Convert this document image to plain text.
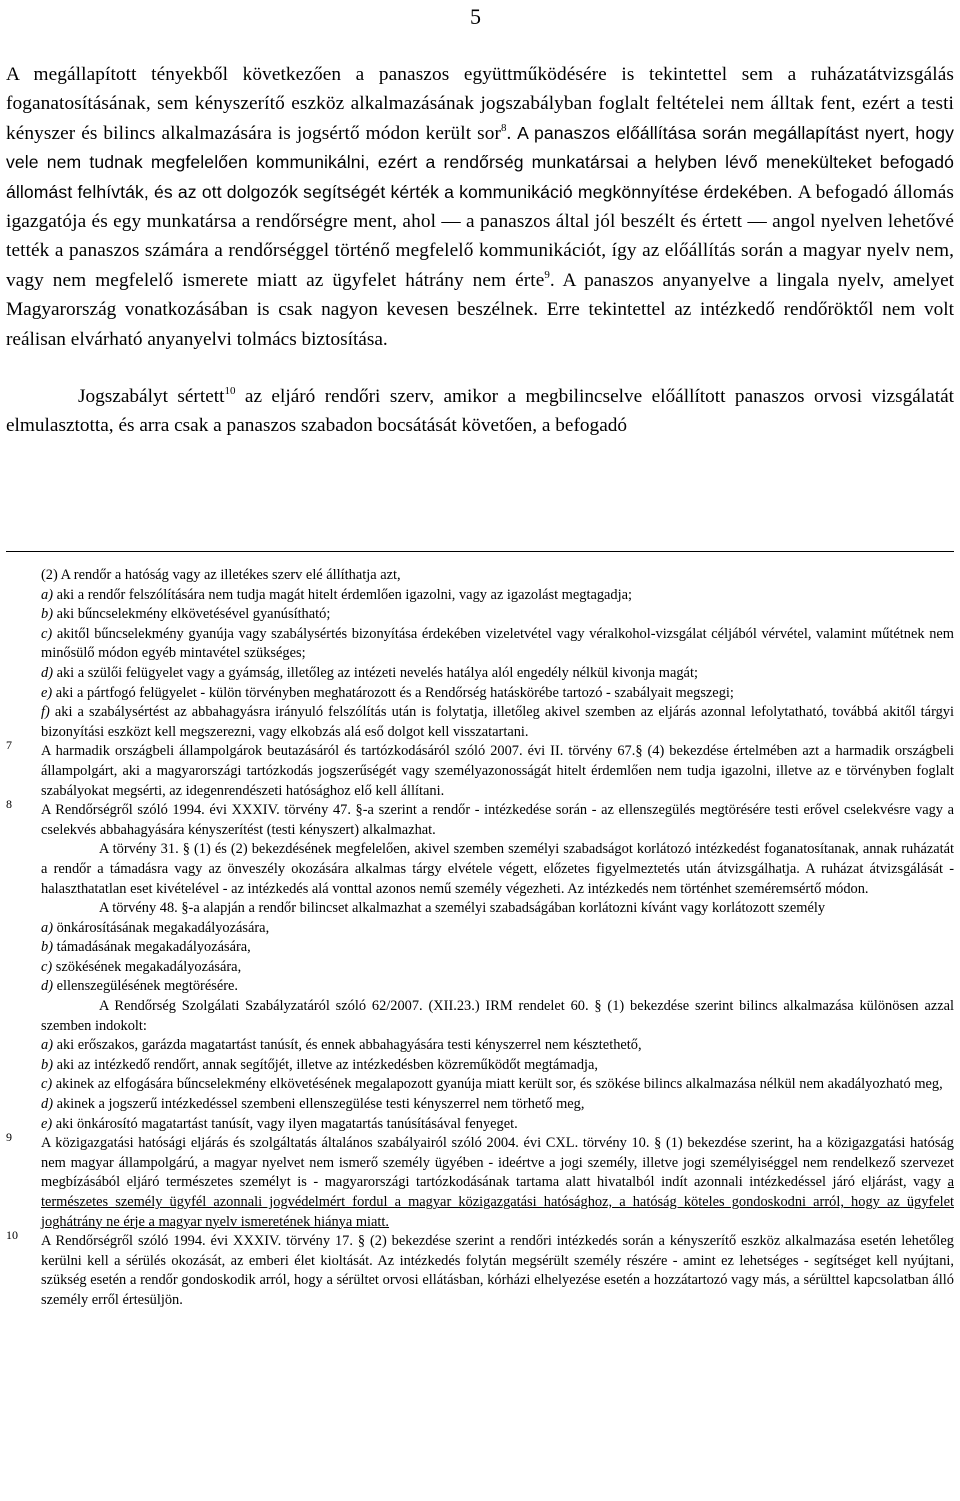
5

A megállapított tényekből következően a panaszos együttműködésére is tekintettel sem a ruházatátvizsgálás foganatosításának, sem kényszerítő eszköz alkalmazásának jogszabályban foglalt feltételei nem álltak fent, ezért a testi kényszer és bilincs alkalmazására is jogsértő módon került sor$^8$. A panaszos előállítása során megállapítást nyert, hogy vele nem tudnak megfelelően kommunikálni, ezért a rendőrség munkatársai a helyben lévő menekülteket befogadó állomást felhívták, és az ott dolgozók segítségét kérték a kommunikáció megkönnyítése érdekében. A befogadó állomás igazgatója és egy munkatársa a rendőrségre ment, ahol — a panaszos által jól beszélt és értett — angol nyelven lehetővé tették a panaszos számára a rendőrséggel történő megfelelő kommunikációt, így az előállítás során a magyar nyelv nem, vagy nem megfelelő ismerete miatt az ügyfelet hátrány nem érte$^9$. A panaszos anyanyelve a lingala nyelv, amelyet Magyarország vonatkozásában is csak nagyon kevesen beszélnek. Erre tekintettel az intézkedő rendőröktől nem volt reálisan elvárható anyanyelvi tolmács biztosítása.

Jogszabályt sértett$^{10}$ az eljáró rendőri szerv, amikor a megbilincselve előállított panaszos orvosi vizsgálatát elmulasztotta, és arra csak a panaszos szabadon bocsátását követően, a befogadó

(2) A rendőr a hatóság vagy az illetékes szerv elé állíthatja azt,

a) aki a rendőr felszólítására nem tudja magát hitelt érdemlően igazolni, vagy az igazolást megtagadja;

b) aki bűncselekmény elkövetésével gyanúsítható;

c) akitől bűncselekmény gyanúja vagy szabálysértés bizonyítása érdekében vizeletvétel vagy véralkohol-vizsgálat céljából vérvétel, valamint műtétnek nem minősülő módon egyéb mintavétel szükséges;

d) aki a szülői felügyelet vagy a gyámság, illetőleg az intézeti nevelés hatálya alól engedély nélkül kivonja magát;

e) aki a pártfogó felügyelet - külön törvényben meghatározott és a Rendőrség hatáskörébe tartozó - szabályait megszegi;

f) aki a szabálysértést az abbahagyásra irányuló felszólítás után is folytatja, illetőleg akivel szemben az eljárás azonnal lefolytatható, továbbá akitől tárgyi bizonyítási eszközt kell megszerezni, vagy elkobzás alá eső dolgot kell visszatartani.

7 A harmadik országbeli állampolgárok beutazásáról és tartózkodásáról szóló 2007. évi II. törvény 67.§ (4) bekezdése értelmében azt a harmadik országbeli állampolgárt, aki a magyarországi tartózkodás jogszerűségét vagy személyazonosságát hitelt érdemlően nem tudja igazolni, illetve az e törvényben foglalt szabályokat megsérti, az idegenrendészeti hatósághoz elő kell állítani.

8 A Rendőrségről szóló 1994. évi XXXIV. törvény 47. §-a szerint a rendőr - intézkedése során - az ellenszegülés megtörésére testi erővel cselekvésre vagy a cselekvés abbahagyására kényszerítést (testi kényszert) alkalmazhat.

A törvény 31. § (1) és (2) bekezdésének megfelelően, akivel szemben személyi szabadságot korlátozó intézkedést foganatosítanak, annak ruházatát a rendőr a támadásra vagy az önveszély okozására alkalmas tárgy elvétele végett, előzetes figyelmeztetés után átvizsgálhatja. A ruházat átvizsgálását - halaszthatatlan eset kivételével - az intézkedés alá vonttal azonos nemű személy végezheti. Az intézkedés nem történhet szeméremsértő módon.

A törvény 48. §-a alapján a rendőr bilincset alkalmazhat a személyi szabadságában korlátozni kívánt vagy korlátozott személy

a) önkárosításának megakadályozására,

b) támadásának megakadályozására,

c) szökésének megakadályozására,

d) ellenszegülésének megtörésére.

A Rendőrség Szolgálati Szabályzatáról szóló 62/2007. (XII.23.) IRM rendelet 60. § (1) bekezdése szerint bilincs alkalmazása különösen azzal szemben indokolt:

a) aki erőszakos, garázda magatartást tanúsít, és ennek abbahagyására testi kényszerrel nem késztethető,

b) aki az intézkedő rendőrt, annak segítőjét, illetve az intézkedésben közreműködőt megtámadja,

c) akinek az elfogására bűncselekmény elkövetésének megalapozott gyanúja miatt került sor, és szökése bilincs alkalmazása nélkül nem akadályozható meg,

d) akinek a jogszerű intézkedéssel szembeni ellenszegülése testi kényszerrel nem törhető meg,

e) aki önkárosító magatartást tanúsít, vagy ilyen magatartás tanúsításával fenyeget.

9 A közigazgatási hatósági eljárás és szolgáltatás általános szabályairól szóló 2004. évi CXL. törvény 10. § (1) bekezdése szerint, ha a közigazgatási hatóság nem magyar állampolgárú, a magyar nyelvet nem ismerő személy ügyében - ideértve a jogi személy, illetve jogi személyiséggel nem rendelkező szervezet megbízásából eljáró természetes személyt is - magyarországi tartózkodásának tartama alatt hivatalból indít azonnali intézkedéssel járó eljárást, vagy a természetes személy ügyfél azonnali jogvédelmért fordul a magyar közigazgatási hatósághoz, a hatóság köteles gondoskodni arról, hogy az ügyfelet joghátrány ne érje a magyar nyelv ismeretének hiánya miatt.

10 A Rendőrségről szóló 1994. évi XXXIV. törvény 17. § (2) bekezdése szerint a rendőri intézkedés során a kényszerítő eszköz alkalmazása esetén lehetőleg kerülni kell a sérülés okozását, az emberi élet kioltását. Az intézkedés folytán megsérült személy részére - amint ez lehetséges - segítséget kell nyújtani, szükség esetén a rendőr gondoskodik arról, hogy a sérültet orvosi ellátásban, kórházi elhelyezése esetén a hozzátartozó vagy más, a sérülttel kapcsolatban álló személy erről értesüljön.
